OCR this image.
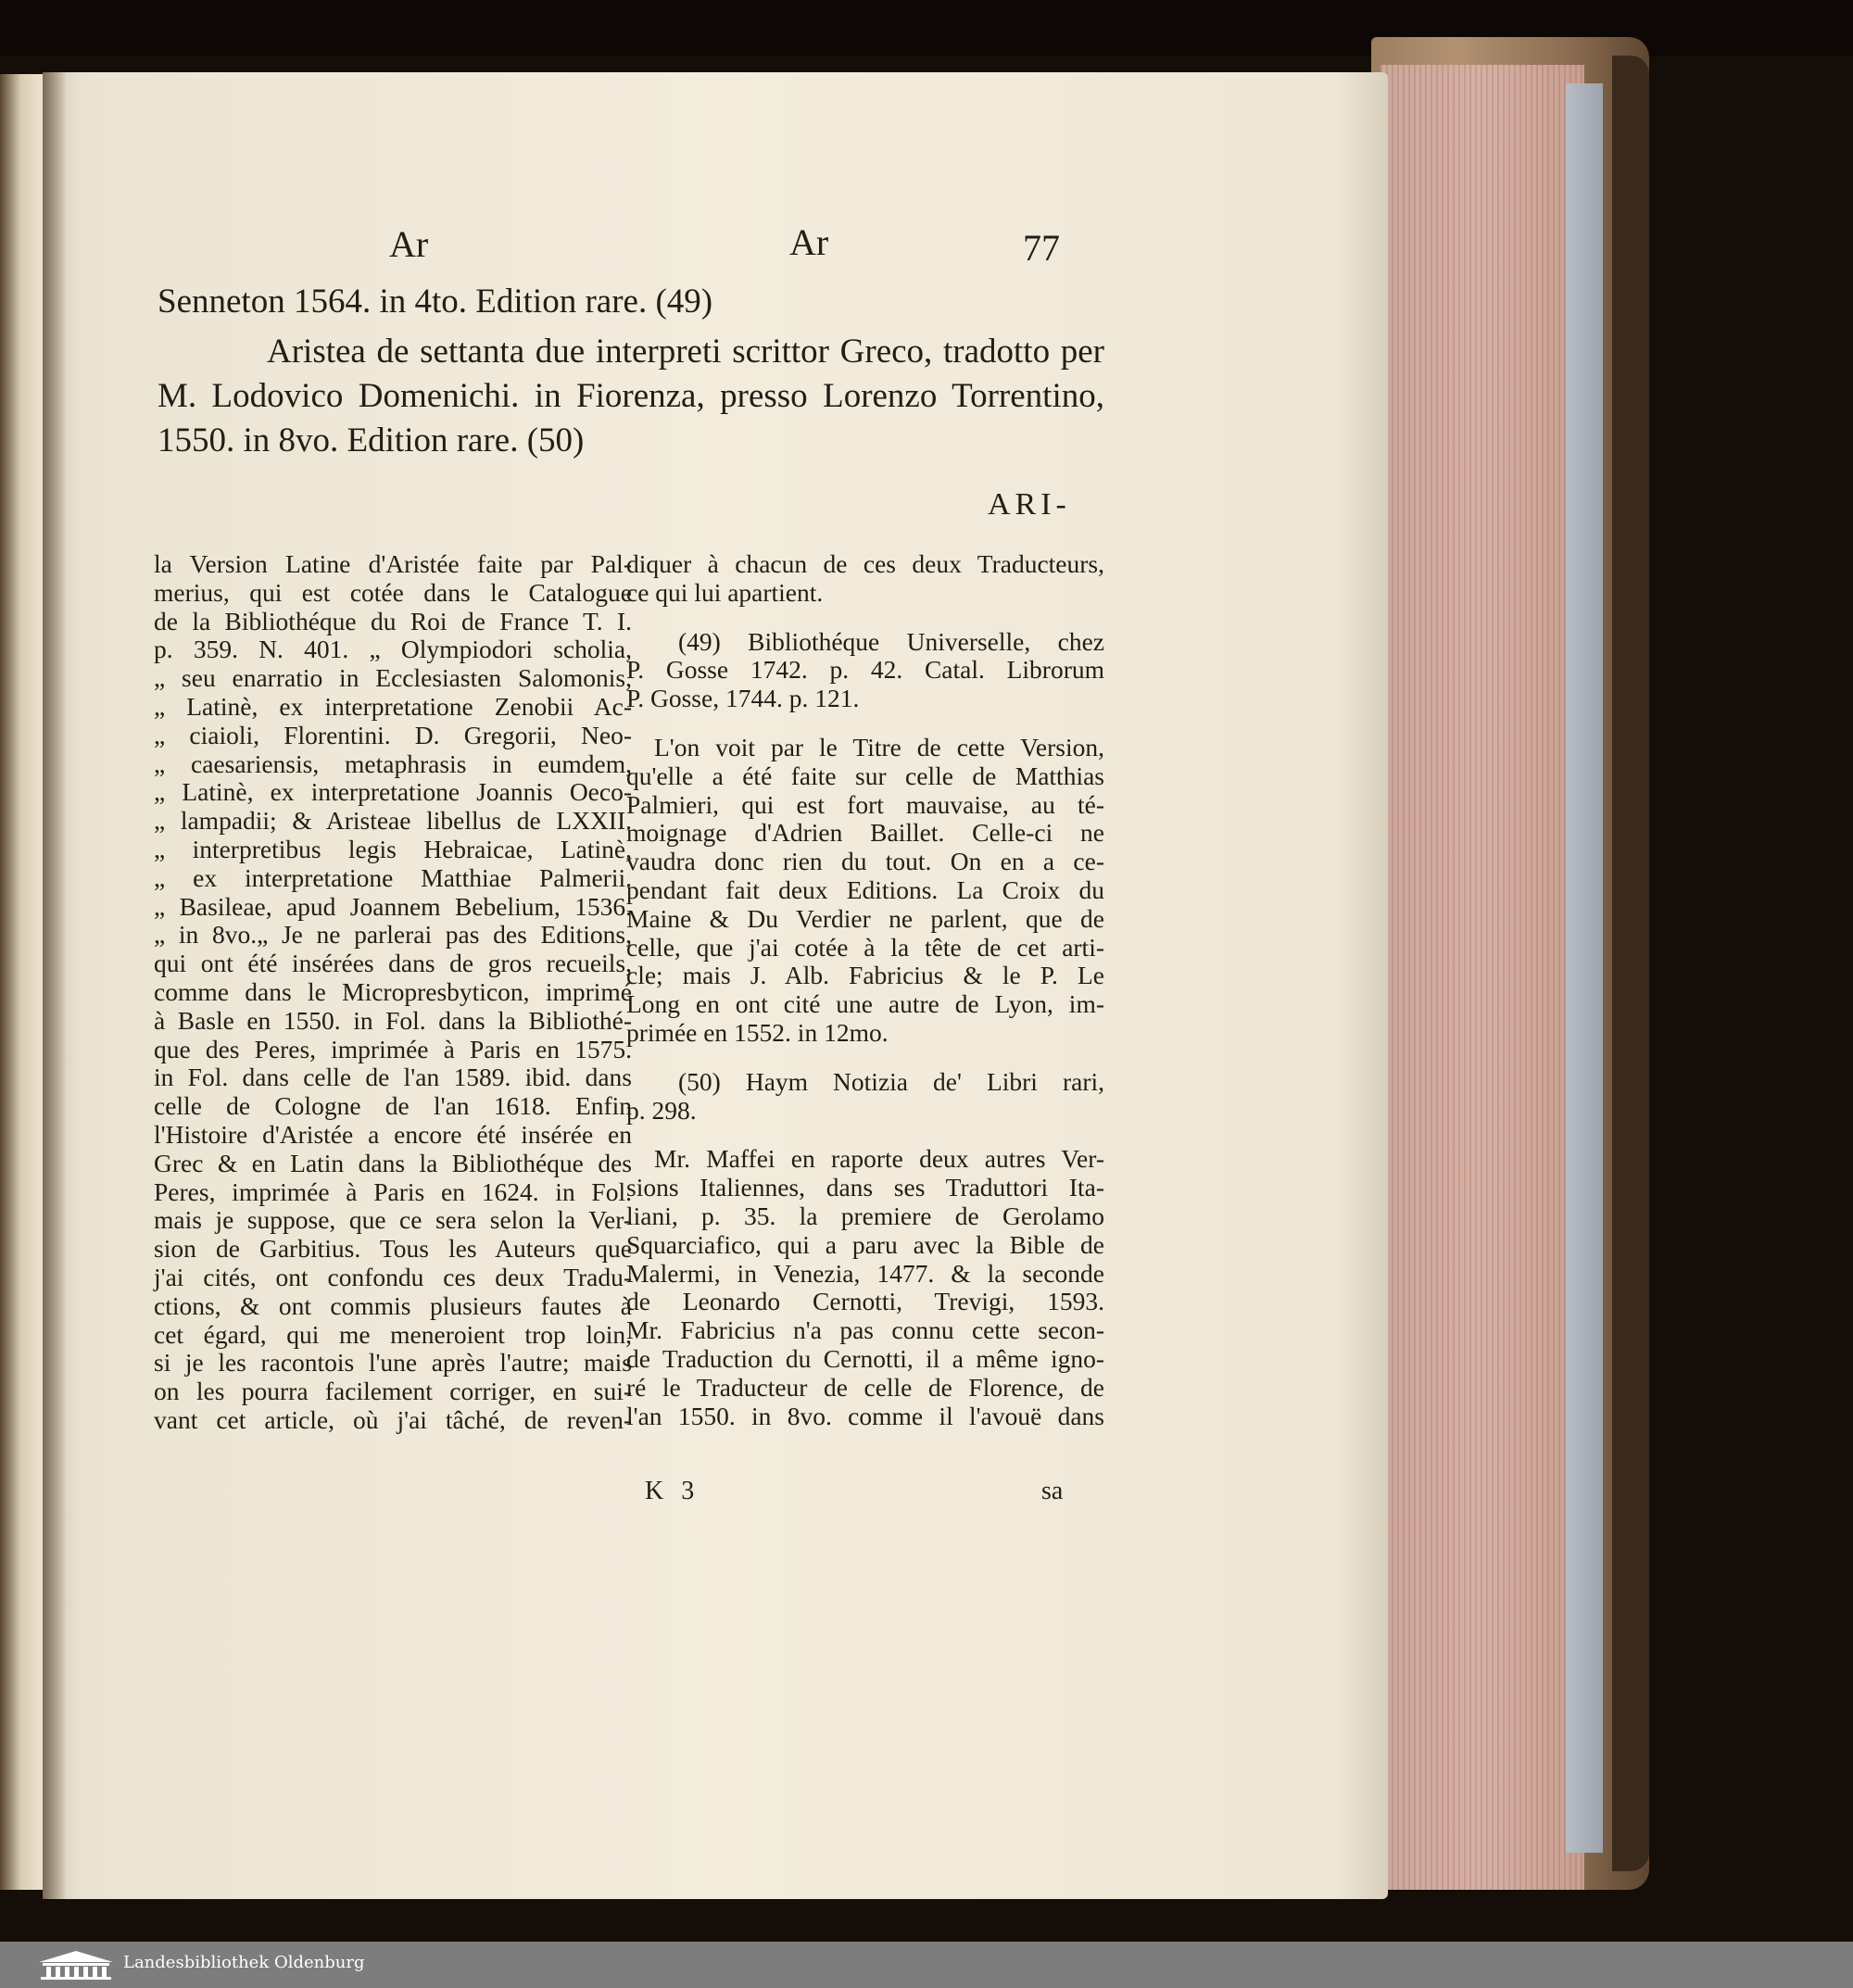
Ar	Ar	77
Senneton 1564. in 4to. Edition rare. (49)
Aristea de settanta due interpreti scrittor Greco, tradotto per
M. Lodovico Domenichi. in Fiorenza, presso Lorenzo Torrentino,
1550. in 8vo. Edition rare. (50)
ARI-
la Version Latine d'Aristée faite par Pal-
merius, qui est cotée dans le Catalogue
de la Bibliothéque du Roi de France T. I.
p. 359. N. 401. „ Olympiodori scholia,
„ seu enarratio in Ecclesiasten Salomonis,
„ Latinè, ex interpretatione Zenobii Ac-
„ ciaioli, Florentini. D. Gregorii, Neo-
„ caesariensis, metaphrasis in eumdem,
„ Latinè, ex interpretatione Joannis Oeco-
„ lampadii; & Aristeae libellus de LXXII.
„ interpretibus legis Hebraicae, Latinè,
„ ex interpretatione Matthiae Palmerii.
„ Basileae, apud Joannem Bebelium, 1536.
„ in 8vo.„ Je ne parlerai pas des Editions,
qui ont été insérées dans de gros recueils,
comme dans le Micropresbyticon, imprimé
à Basle en 1550. in Fol. dans la Bibliothé-
que des Peres, imprimée à Paris en 1575.
in Fol. dans celle de l'an 1589. ibid. dans
celle de Cologne de l'an 1618. Enfin
l'Histoire d'Aristée a encore été insérée en
Grec & en Latin dans la Bibliothéque des
Peres, imprimée à Paris en 1624. in Fol.
mais je suppose, que ce sera selon la Ver-
sion de Garbitius. Tous les Auteurs que
j'ai cités, ont confondu ces deux Tradu-
ctions, & ont commis plusieurs fautes à
cet égard, qui me meneroient trop loin,
si je les racontois l'une après l'autre; mais
on les pourra facilement corriger, en sui-
vant cet article, où j'ai tâché, de reven-
diquer à chacun de ces deux Traducteurs,
ce qui lui apartient.
(49) Bibliothéque Universelle, chez
P. Gosse 1742. p. 42. Catal. Librorum
P. Gosse, 1744. p. 121.
L'on voit par le Titre de cette Version,
qu'elle a été faite sur celle de Matthias
Palmieri, qui est fort mauvaise, au té-
moignage d'Adrien Baillet. Celle-ci ne
vaudra donc rien du tout. On en a ce-
pendant fait deux Editions. La Croix du
Maine & Du Verdier ne parlent, que de
celle, que j'ai cotée à la tête de cet arti-
cle; mais J. Alb. Fabricius & le P. Le
Long en ont cité une autre de Lyon, im-
primée en 1552. in 12mo.
(50) Haym Notizia de' Libri rari,
p. 298.
Mr. Maffei en raporte deux autres Ver-
sions Italiennes, dans ses Traduttori Ita-
liani, p. 35. la premiere de Gerolamo
Squarciafico, qui a paru avec la Bible de
Malermi, in Venezia, 1477. & la seconde
de Leonardo Cernotti, Trevigi, 1593.
Mr. Fabricius n'a pas connu cette secon-
de Traduction du Cernotti, il a même igno-
ré le Traducteur de celle de Florence, de
l'an 1550. in 8vo. comme il l'avouë dans
K 3	sa
Landesbibliothek Oldenburg
